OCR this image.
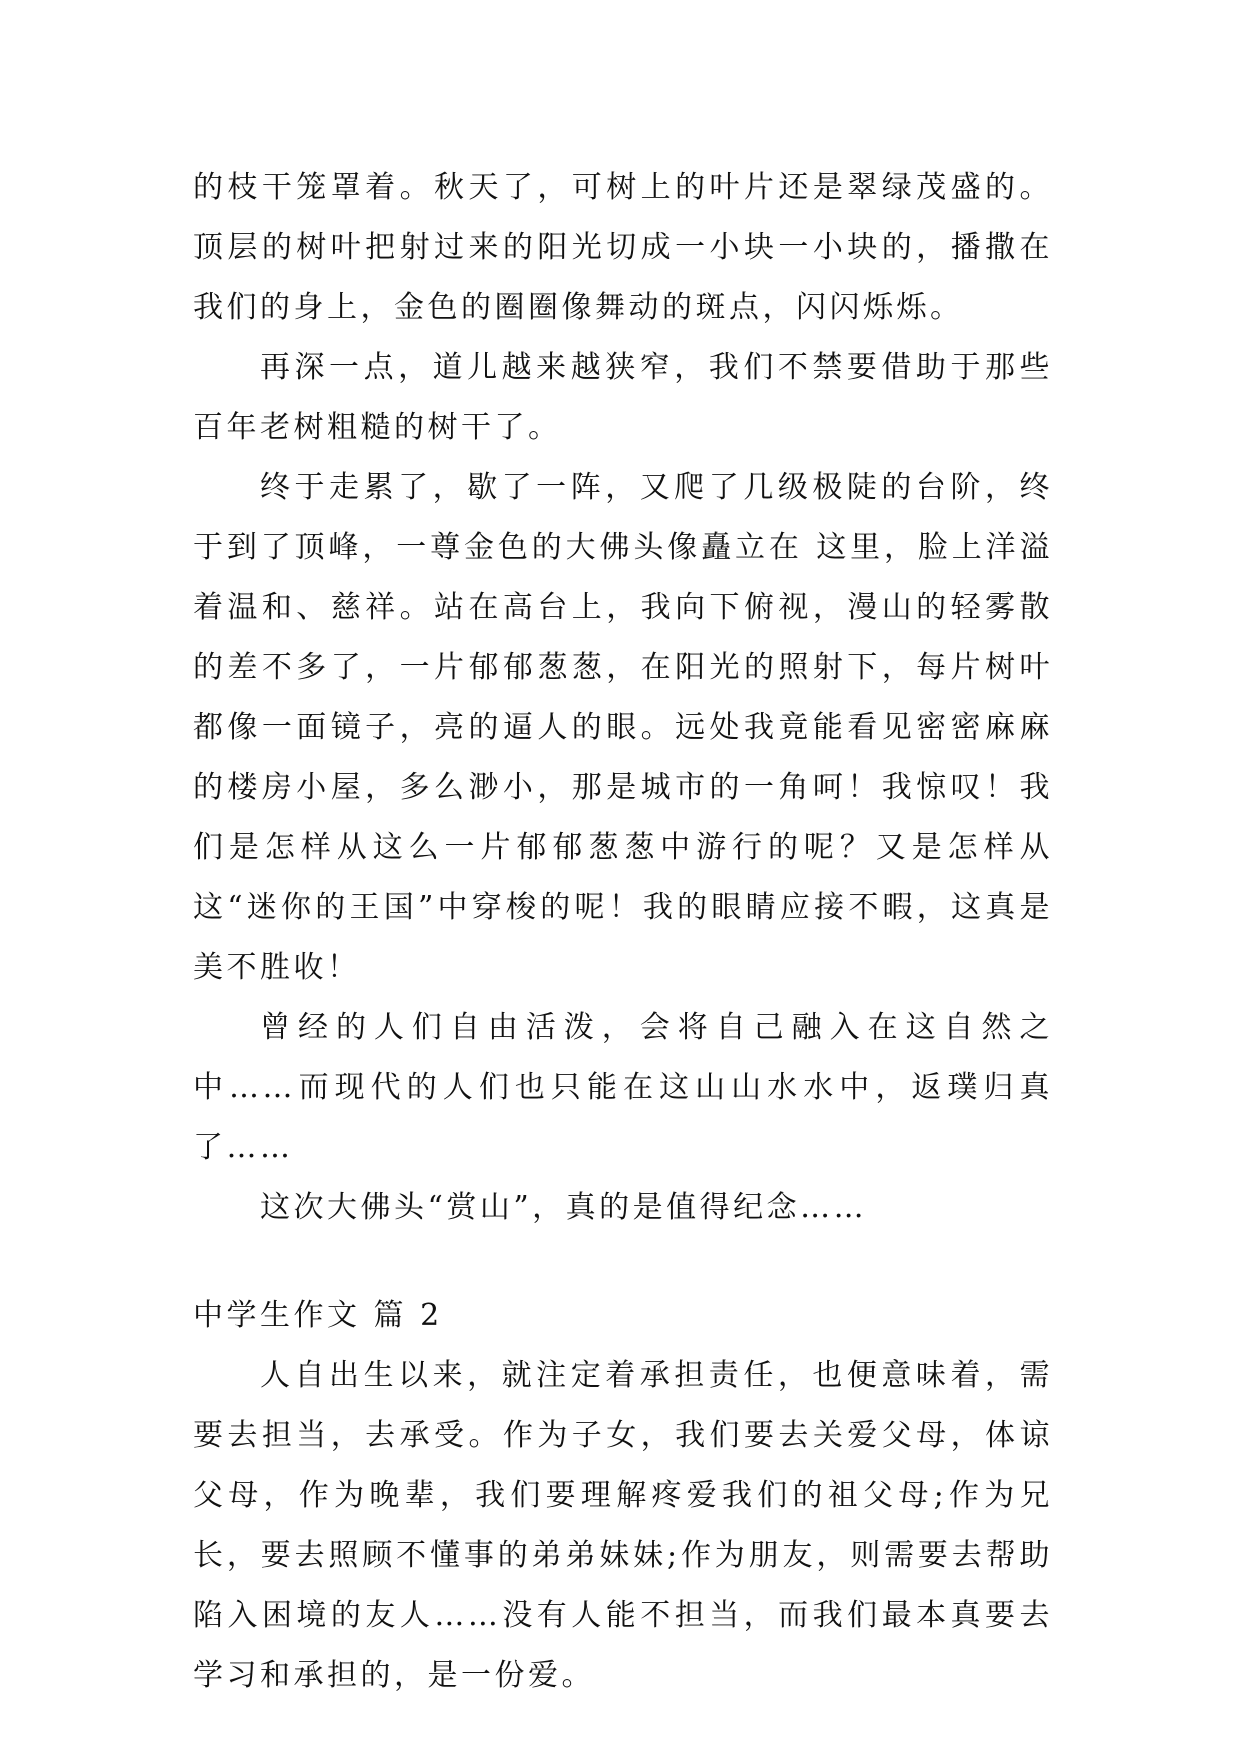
的枝干笼罩着。秋天了，可树上的叶片还是翠绿茂盛的。顶层的树叶把射过来的阳光切成一小块一小块的，播撒在我们的身上，金色的圈圈像舞动的斑点，闪闪烁烁。

再深一点，道儿越来越狭窄，我们不禁要借助于那些百年老树粗糙的树干了。

终于走累了，歇了一阵，又爬了几级极陡的台阶，终于到了顶峰，一尊金色的大佛头像矗立在 这里，脸上洋溢着温和、慈祥。站在高台上，我向下俯视，漫山的轻雾散的差不多了，一片郁郁葱葱，在阳光的照射下，每片树叶都像一面镜子，亮的逼人的眼。远处我竟能看见密密麻麻的楼房小屋，多么渺小，那是城市的一角呵！我惊叹！我们是怎样从这么一片郁郁葱葱中游行的呢？又是怎样从这“迷你的王国”中穿梭的呢！我的眼睛应接不暇，这真是美不胜收！

曾经的人们自由活泼，会将自己融入在这自然之中……而现代的人们也只能在这山山水水中，返璞归真了……

这次大佛头“赏山”，真的是值得纪念……

中学生作文 篇 2

人自出生以来，就注定着承担责任，也便意味着，需要去担当，去承受。作为子女，我们要去关爱父母，体谅父母，作为晚辈，我们要理解疼爱我们的祖父母;作为兄长，要去照顾不懂事的弟弟妹妹;作为朋友，则需要去帮助陷入困境的友人……没有人能不担当，而我们最本真要去学习和承担的，是一份爱。
